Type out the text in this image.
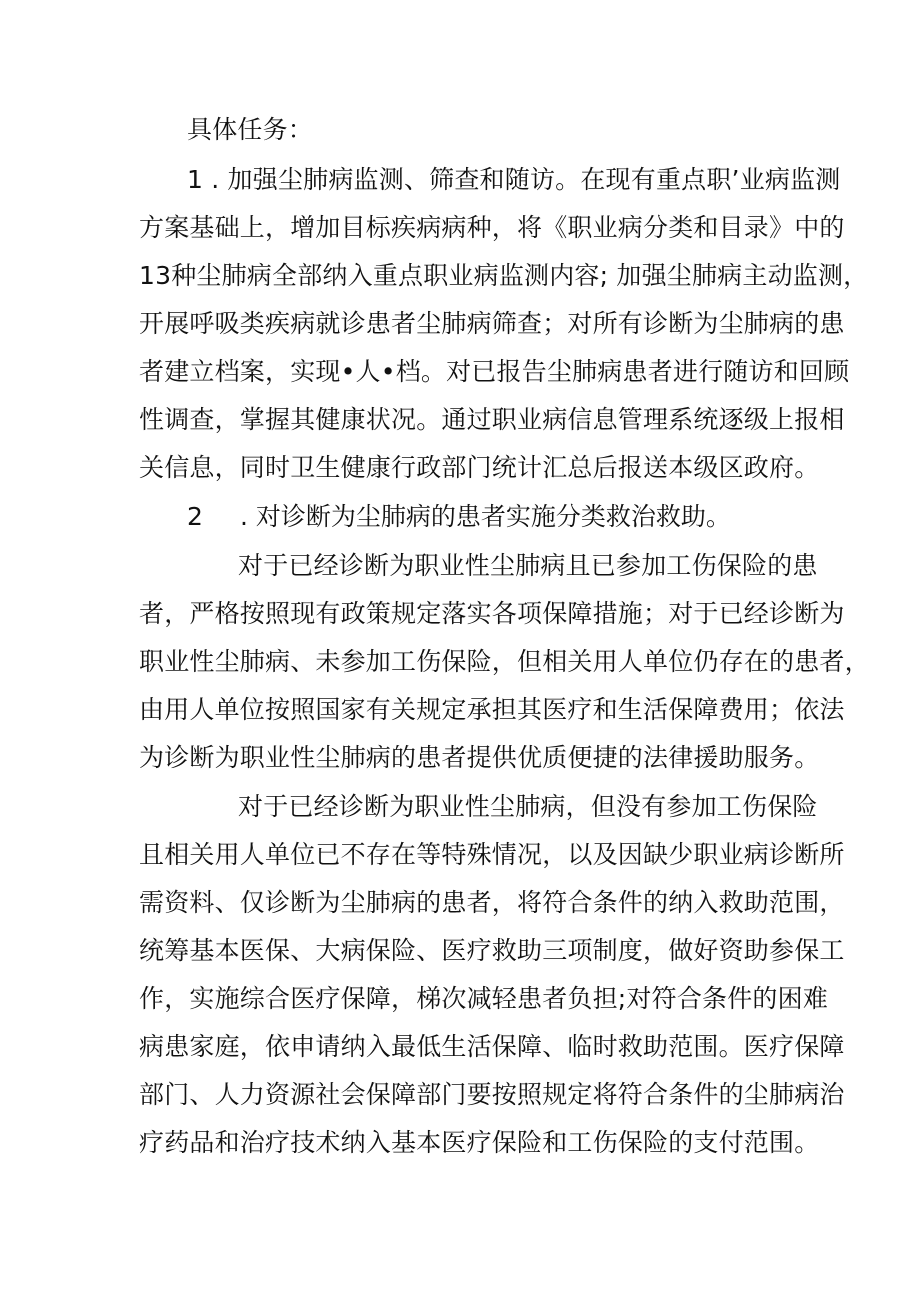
具体任务：
1 . 加强尘肺病监测、筛查和随访。在现有重点职’业病监测
方案基础上，增加目标疾病病种，将《职业病分类和目录》中的
13种尘肺病全部纳入重点职业病监测内容; 加强尘肺病主动监测，
开展呼吸类疾病就诊患者尘肺病筛查；对所有诊断为尘肺病的患
者建立档案，实现•人•档。对已报告尘肺病患者进行随访和回顾
性调查，掌握其健康状况。通过职业病信息管理系统逐级上报相
关信息，同时卫生健康行政部门统计汇总后报送本级区政府。
2 . 对诊断为尘肺病的患者实施分类救治救助。
对于已经诊断为职业性尘肺病且已参加工伤保险的患
者，严格按照现有政策规定落实各项保障措施；对于已经诊断为
职业性尘肺病、未参加工伤保险，但相关用人单位仍存在的患者，
由用人单位按照国家有关规定承担其医疗和生活保障费用；依法
为诊断为职业性尘肺病的患者提供优质便捷的法律援助服务。
对于已经诊断为职业性尘肺病，但没有参加工伤保险
且相关用人单位已不存在等特殊情况，以及因缺少职业病诊断所
需资料、仅诊断为尘肺病的患者，将符合条件的纳入救助范围，
统筹基本医保、大病保险、医疗救助三项制度，做好资助参保工
作，实施综合医疗保障，梯次减轻患者负担;对符合条件的困难
病患家庭，依申请纳入最低生活保障、临时救助范围。医疗保障
部门、人力资源社会保障部门要按照规定将符合条件的尘肺病治
疗药品和治疗技术纳入基本医疗保险和工伤保险的支付范围。
